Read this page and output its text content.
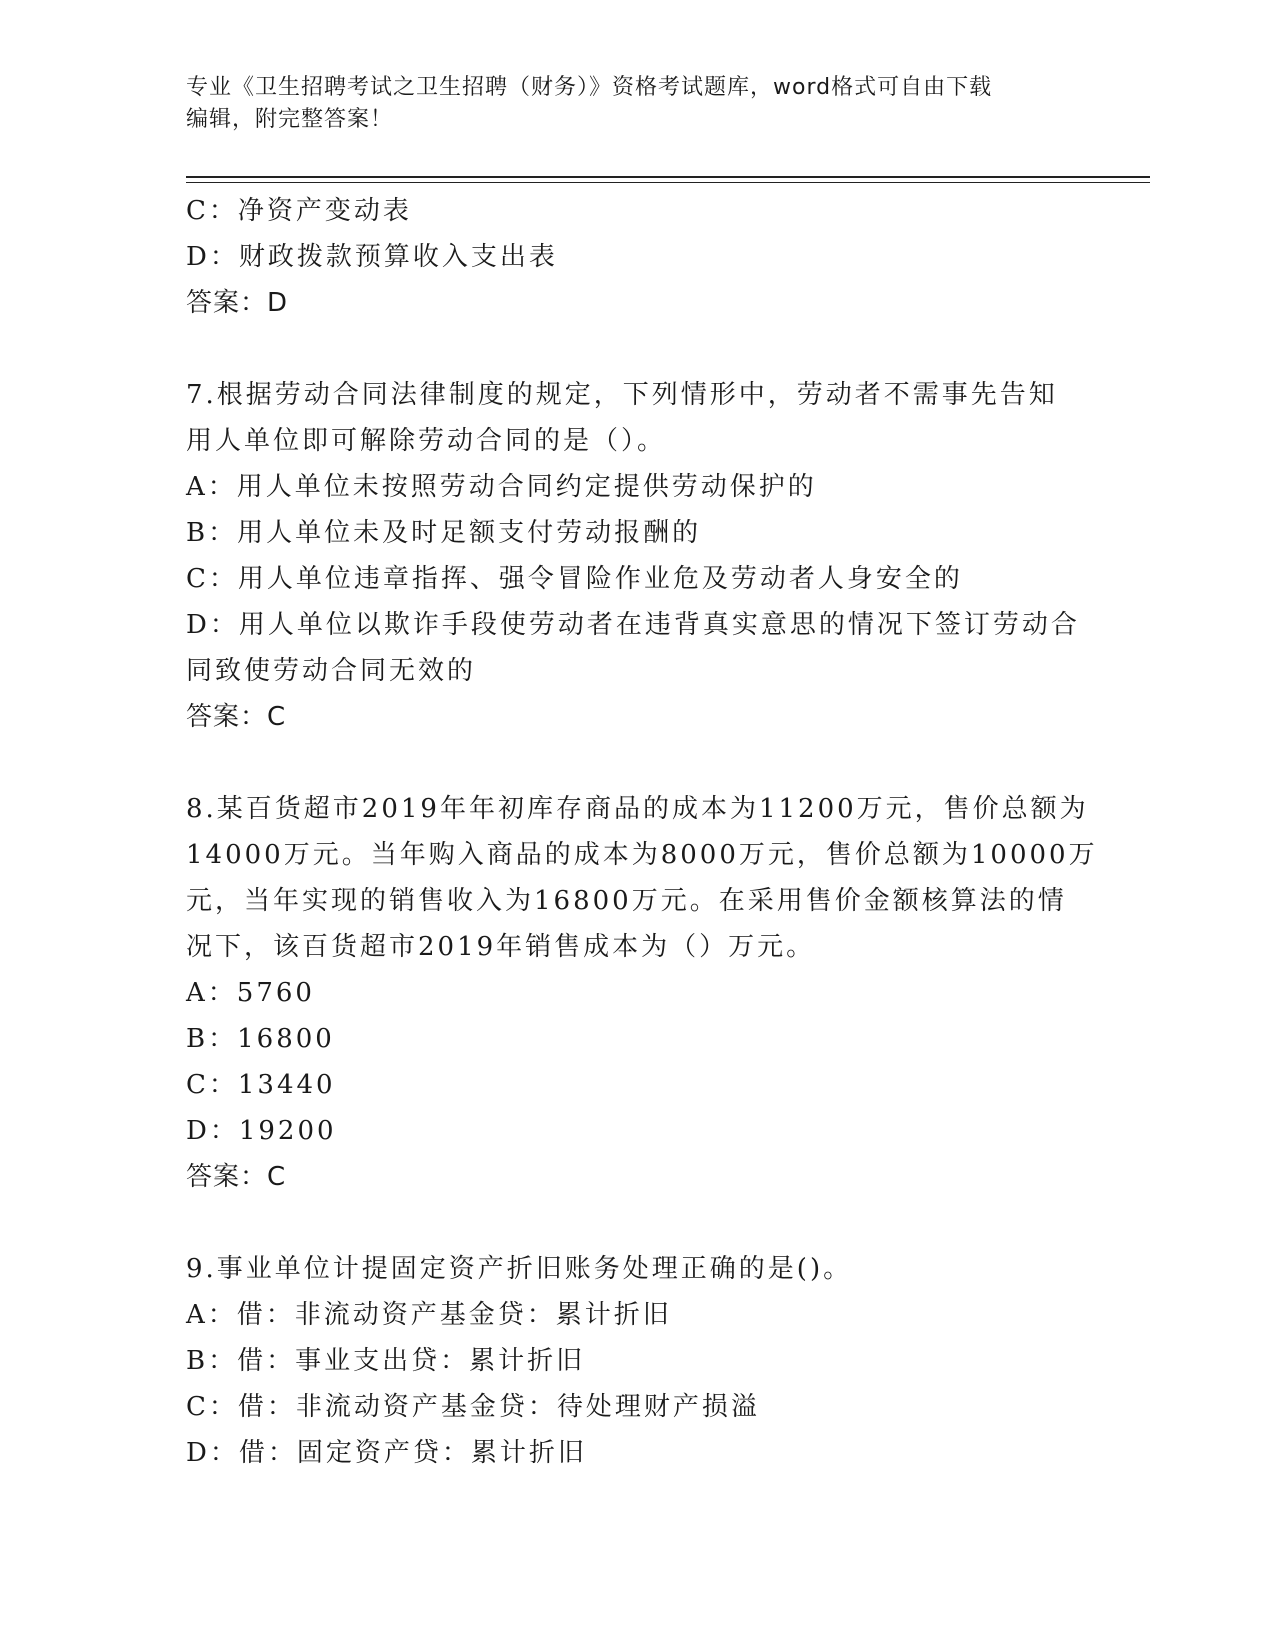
专业《卫生招聘考试之卫生招聘（财务）》资格考试题库，word格式可自由下载
编辑，附完整答案！

C：净资产变动表

D：财政拨款预算收入支出表

答案：D

7.根据劳动合同法律制度的规定，下列情形中，劳动者不需事先告知

用人单位即可解除劳动合同的是（）。

A：用人单位未按照劳动合同约定提供劳动保护的

B：用人单位未及时足额支付劳动报酬的

C：用人单位违章指挥、强令冒险作业危及劳动者人身安全的

D：用人单位以欺诈手段使劳动者在违背真实意思的情况下签订劳动合

同致使劳动合同无效的

答案：C

8.某百货超市2019年年初库存商品的成本为11200万元，售价总额为

14000万元。当年购入商品的成本为8000万元，售价总额为10000万

元，当年实现的销售收入为16800万元。在采用售价金额核算法的情

况下，该百货超市2019年销售成本为（）万元。

A：5760

B：16800

C：13440

D：19200

答案：C

9.事业单位计提固定资产折旧账务处理正确的是()。

A：借：非流动资产基金贷：累计折旧

B：借：事业支出贷：累计折旧

C：借：非流动资产基金贷：待处理财产损溢

D：借：固定资产贷：累计折旧
